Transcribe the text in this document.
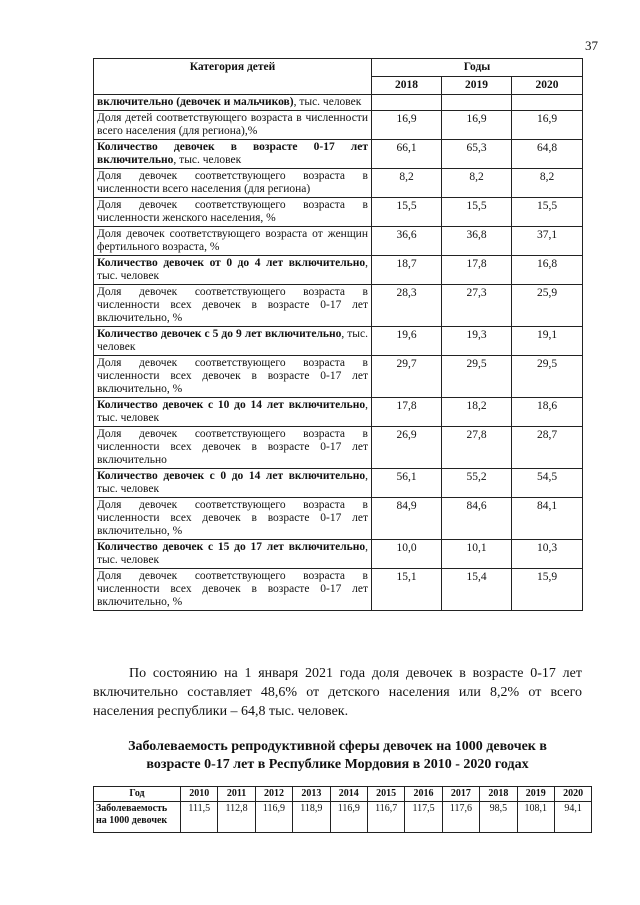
37
Категория детей	Годы		
	2018	2019	2020
включительно (девочек и мальчиков), тыс. человек			
Доля детей соответствующего возраста в численности всего населения (для региона),%	16,9	16,9	16,9
Количество девочек в возрасте 0-17 лет включительно, тыс. человек	66,1	65,3	64,8
Доля девочек соответствующего возраста в численности всего населения (для региона)	8,2	8,2	8,2
Доля девочек соответствующего возраста в численности женского населения, %	15,5	15,5	15,5
Доля девочек соответствующего возраста от женщин фертильного возраста, %	36,6	36,8	37,1
Количество девочек от 0 до 4 лет включительно, тыс. человек	18,7	17,8	16,8
Доля девочек соответствующего возраста в численности всех девочек в возрасте 0-17 лет включительно, %	28,3	27,3	25,9
Количество девочек с 5 до 9 лет включительно, тыс. человек	19,6	19,3	19,1
Доля девочек соответствующего возраста в численности всех девочек в возрасте 0-17 лет включительно, %	29,7	29,5	29,5
Количество девочек с 10 до 14 лет включительно, тыс. человек	17,8	18,2	18,6
Доля девочек соответствующего возраста в численности всех девочек в возрасте 0-17 лет включительно	26,9	27,8	28,7
Количество девочек с 0 до 14 лет включительно, тыс. человек	56,1	55,2	54,5
Доля девочек соответствующего возраста в численности всех девочек в возрасте 0-17 лет включительно, %	84,9	84,6	84,1
Количество девочек с 15 до 17 лет включительно, тыс. человек	10,0	10,1	10,3
Доля девочек соответствующего возраста в численности всех девочек в возрасте 0-17 лет включительно, %	15,1	15,4	15,9

По состоянию на 1 января 2021 года доля девочек в возрасте 0-17 лет включительно составляет 48,6% от детского населения или 8,2% от всего населения республики – 64,8 тыс. человек.

Заболеваемость репродуктивной сферы девочек на 1000 девочек в
возрасте 0-17 лет в Республике Мордовия в 2010 - 2020 годах
Год	2010	2011	2012	2013	2014	2015	2016	2017	2018	2019	2020
Заболеваемость на 1000 девочек	111,5	112,8	116,9	118,9	116,9	116,7	117,5	117,6	98,5	108,1	94,1
